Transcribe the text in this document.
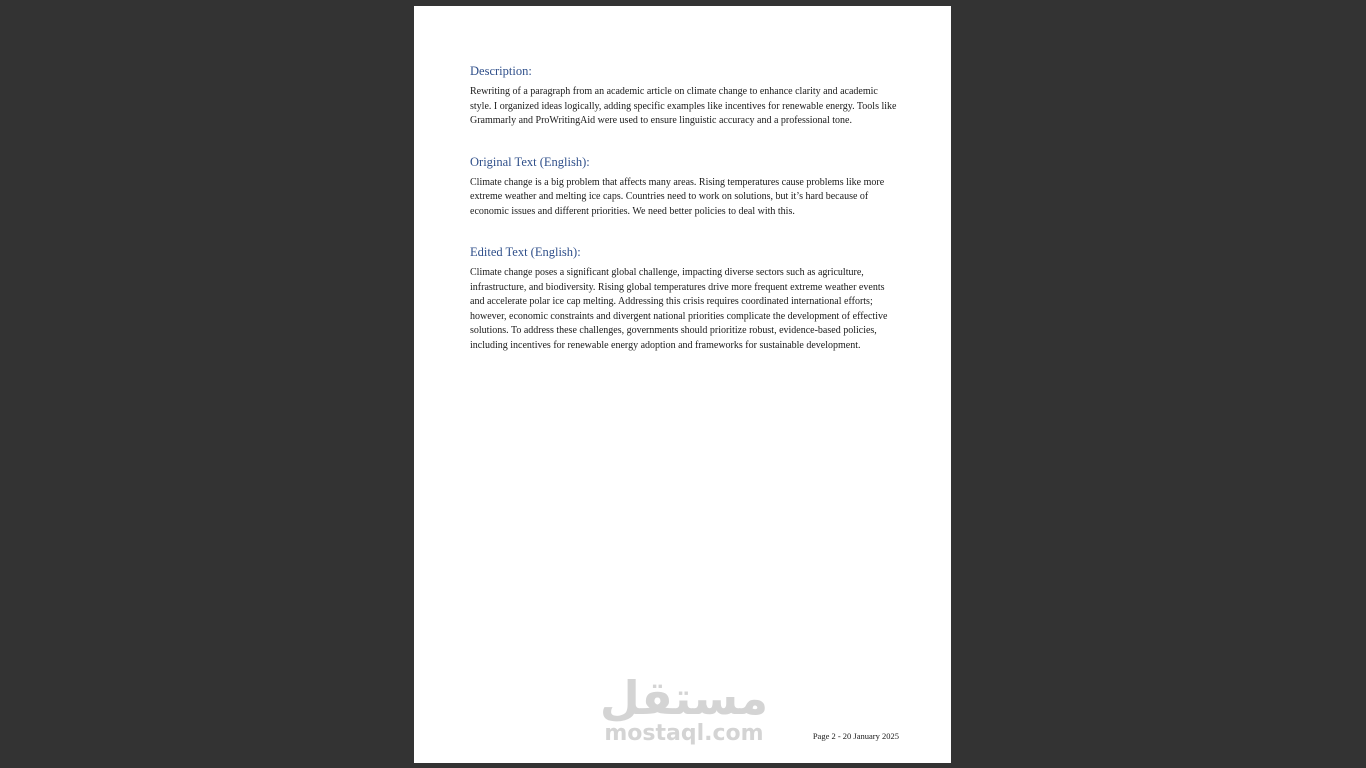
Description:

Rewriting of a paragraph from an academic article on climate change to enhance clarity and academic style. I organized ideas logically, adding specific examples like incentives for renewable energy. Tools like Grammarly and ProWritingAid were used to ensure linguistic accuracy and a professional tone.

Original Text (English):

Climate change is a big problem that affects many areas. Rising temperatures cause problems like more extreme weather and melting ice caps. Countries need to work on solutions, but it’s hard because of economic issues and different priorities. We need better policies to deal with this.

Edited Text (English):

Climate change poses a significant global challenge, impacting diverse sectors such as agriculture, infrastructure, and biodiversity. Rising global temperatures drive more frequent extreme weather events and accelerate polar ice cap melting. Addressing this crisis requires coordinated international efforts; however, economic constraints and divergent national priorities complicate the development of effective solutions. To address these challenges, governments should prioritize robust, evidence-based policies, including incentives for renewable energy adoption and frameworks for sustainable development.

مستقل
mostaql.com	Page 2 - 20 January 2025
